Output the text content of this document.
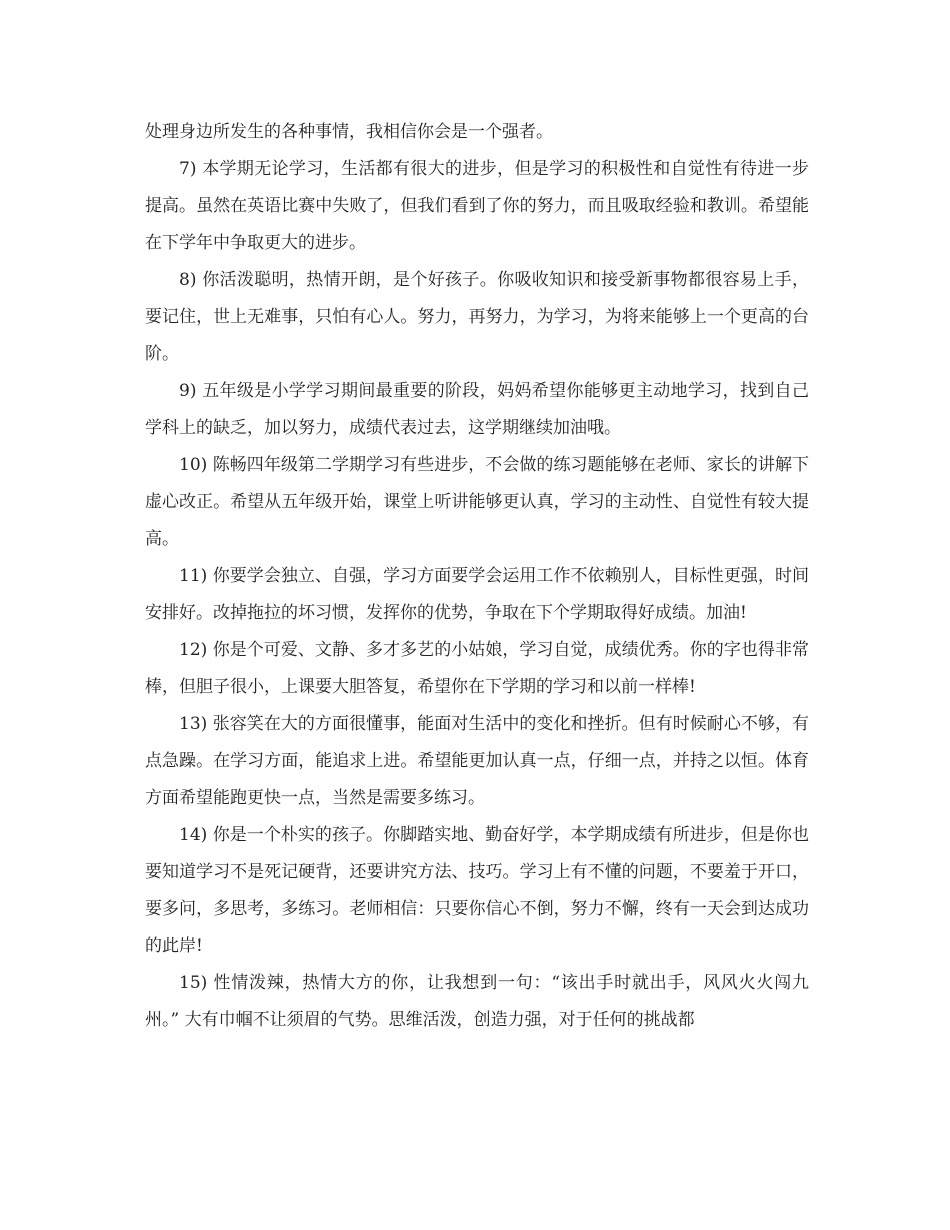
处理身边所发生的各种事情，我相信你会是一个强者。

7) 本学期无论学习，生活都有很大的进步，但是学习的积极性和自觉性有待进一步提高。虽然在英语比赛中失败了，但我们看到了你的努力，而且吸取经验和教训。希望能在下学年中争取更大的进步。

8) 你活泼聪明，热情开朗，是个好孩子。你吸收知识和接受新事物都很容易上手，要记住，世上无难事，只怕有心人。努力，再努力，为学习，为将来能够上一个更高的台阶。

9) 五年级是小学学习期间最重要的阶段，妈妈希望你能够更主动地学习，找到自己学科上的缺乏，加以努力，成绩代表过去，这学期继续加油哦。

10) 陈畅四年级第二学期学习有些进步，不会做的练习题能够在老师、家长的讲解下虚心改正。希望从五年级开始，课堂上听讲能够更认真，学习的主动性、自觉性有较大提高。

11) 你要学会独立、自强，学习方面要学会运用工作不依赖别人，目标性更强，时间安排好。改掉拖拉的坏习惯，发挥你的优势，争取在下个学期取得好成绩。加油!

12) 你是个可爱、文静、多才多艺的小姑娘，学习自觉，成绩优秀。你的字也得非常棒，但胆子很小，上课要大胆答复，希望你在下学期的学习和以前一样棒!

13) 张容笑在大的方面很懂事，能面对生活中的变化和挫折。但有时候耐心不够，有点急躁。在学习方面，能追求上进。希望能更加认真一点，仔细一点，并持之以恒。体育方面希望能跑更快一点，当然是需要多练习。

14) 你是一个朴实的孩子。你脚踏实地、勤奋好学，本学期成绩有所进步，但是你也要知道学习不是死记硬背，还要讲究方法、技巧。学习上有不懂的问题，不要羞于开口，要多问，多思考，多练习。老师相信：只要你信心不倒，努力不懈，终有一天会到达成功的此岸!

15) 性情泼辣，热情大方的你，让我想到一句：“该出手时就出手，风风火火闯九州。” 大有巾帼不让须眉的气势。思维活泼，创造力强，对于任何的挑战都
